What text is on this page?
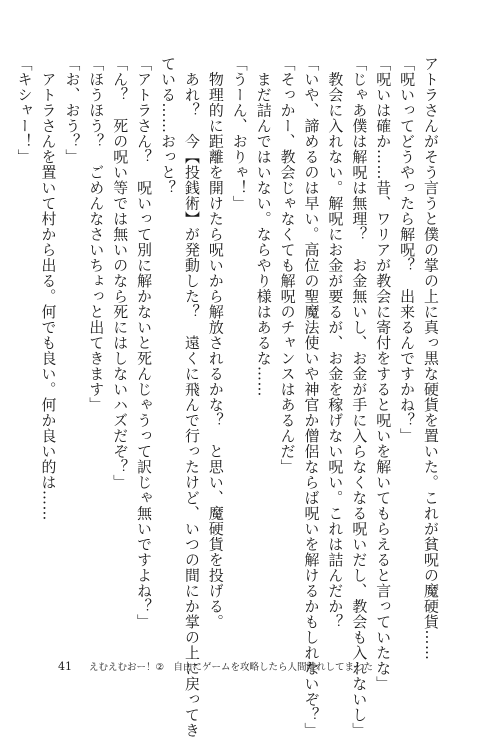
アトラさんがそう言うと僕の掌の上に真っ黒な硬貨を置いた。これが貧呪の魔硬貨……
「呪いってどうやったら解呪？　出来るんですかね？」
「呪いは確か……昔、ワリアが教会に寄付をすると呪いを解いてもらえると言っていたな」
「じゃあ僕は解呪は無理？　お金無いし、お金が手に入らなくなる呪いだし、教会も入れないし」
　教会に入れない。解呪にお金が要るが、お金を稼げない呪い。これは詰んだか？
「いや、諦めるのは早い。高位の聖魔法使いや神官か僧侶ならば呪いを解けるかもしれないぞ？」
「そっかー、教会じゃなくても解呪のチャンスはあるんだ」
　まだ詰んではいない。ならやり様はあるな……
「うーん、おりゃ！」
　物理的に距離を開けたら呪いから解放されるかな？　と思い、魔硬貨を投げる。
　あれ？　今【投銭術】が発動した？　遠くに飛んで行ったけど、いつの間にか掌の上に戻ってき
ている……おっと？
「アトラさん？　呪いって別に解かないと死んじゃうって訳じゃ無いですよね？」
「ん？　死の呪い等では無いのなら死にはしないハズだぞ？」
「ほうほう？　ごめんなさいちょっと出てきます」
「お、おう？」
　アトラさんを置いて村から出る。何でも良い。何か良い的は……
「キシャー！」
41 えむえむおー！②　自由にゲームを攻略したら人間離れしてました
